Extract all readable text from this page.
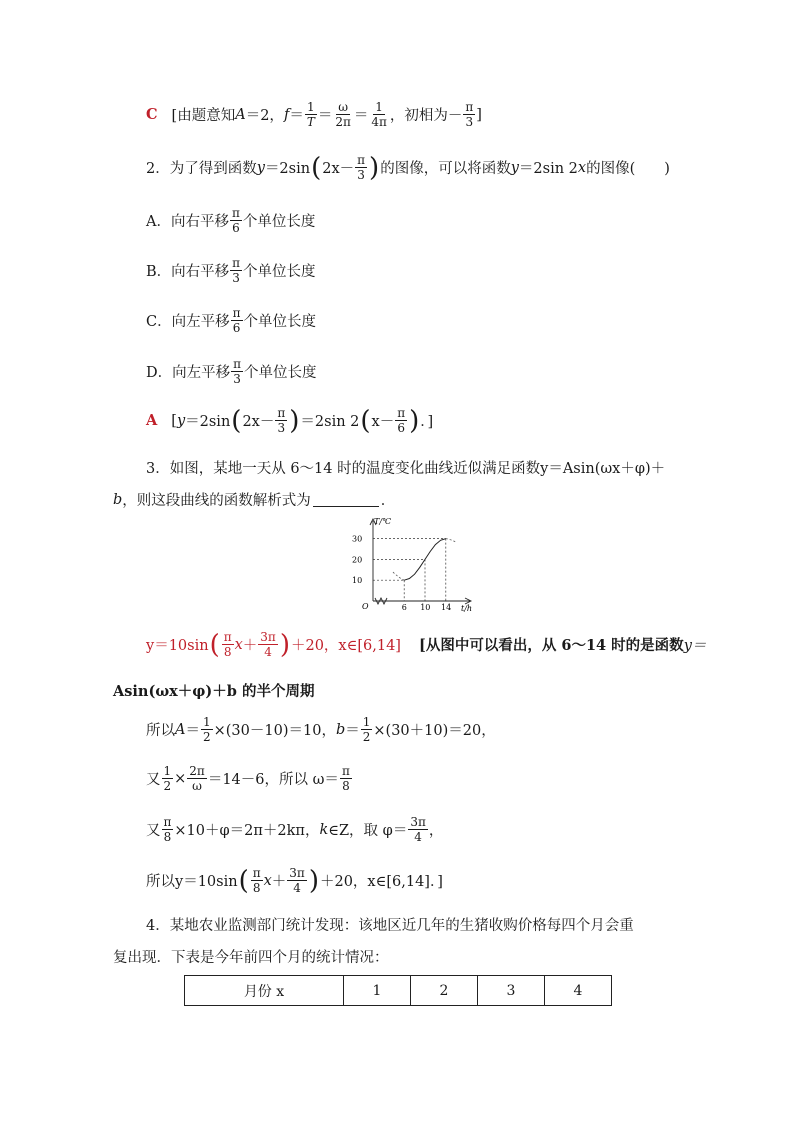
C [由题意知 A ＝2， $f = \frac{1}{T} = \frac{\omega}{2\pi} = \frac{1}{4\pi}$ ，初相为－ $\frac{\pi}{3}$ ]
2．为了得到函数 y ＝2sin ( $2x- \frac{\pi}{3}$ ) 的图像，可以将函数 y ＝2sin 2 x 的图像(　　)
A．向右平移 $\frac{\pi}{6}$ 个单位长度
B．向右平移 $\frac{\pi}{3}$ 个单位长度
C．向左平移 $\frac{\pi}{6}$ 个单位长度
D．向左平移 $\frac{\pi}{3}$ 个单位长度
A [ y ＝2sin ( $2x- \frac{\pi}{3}$ ) ＝2sin 2 ( $x- \frac{\pi}{6}$ ) ．]
3．如图，某地一天从 6～14 时的温度变化曲线近似满足函数 y＝Asin(ωx＋φ)＋
b ，则这段曲线的函数解析式为	．
T/℃
t/h
O
10
20
30
6 10 14
y＝10sin ( $\frac{\pi}{8}$ $x + \frac{3\pi}{4}$ ) ＋20，x∈[6,14] [从图中可以看出，从 6～14 时的是函数 y＝
Asin(ωx＋φ)＋b 的半个周期
所以 $A = \frac{1}{2} \times(30-10)=10$， $b = \frac{1}{2} \times(30+10)=20$，
又 $\frac{1}{2} \times \frac{2\pi}{\omega} =14-6$，所以 $\omega= \frac{\pi}{8}$
又 $\frac{\pi}{8} \times 10+\varphi=2\pi+2k\pi$， k ∈Z，取 $\varphi= \frac{3\pi}{4}$ ，
所以 y＝10sin ( $\frac{\pi}{8}$ $x + \frac{3\pi}{4}$ ) ＋20，x∈[6,14]．]
4．某地农业监测部门统计发现：该地区近几年的生猪收购价格每四个月会重
复出现．下表是今年前四个月的统计情况：
月份 x	1	2	3	4
